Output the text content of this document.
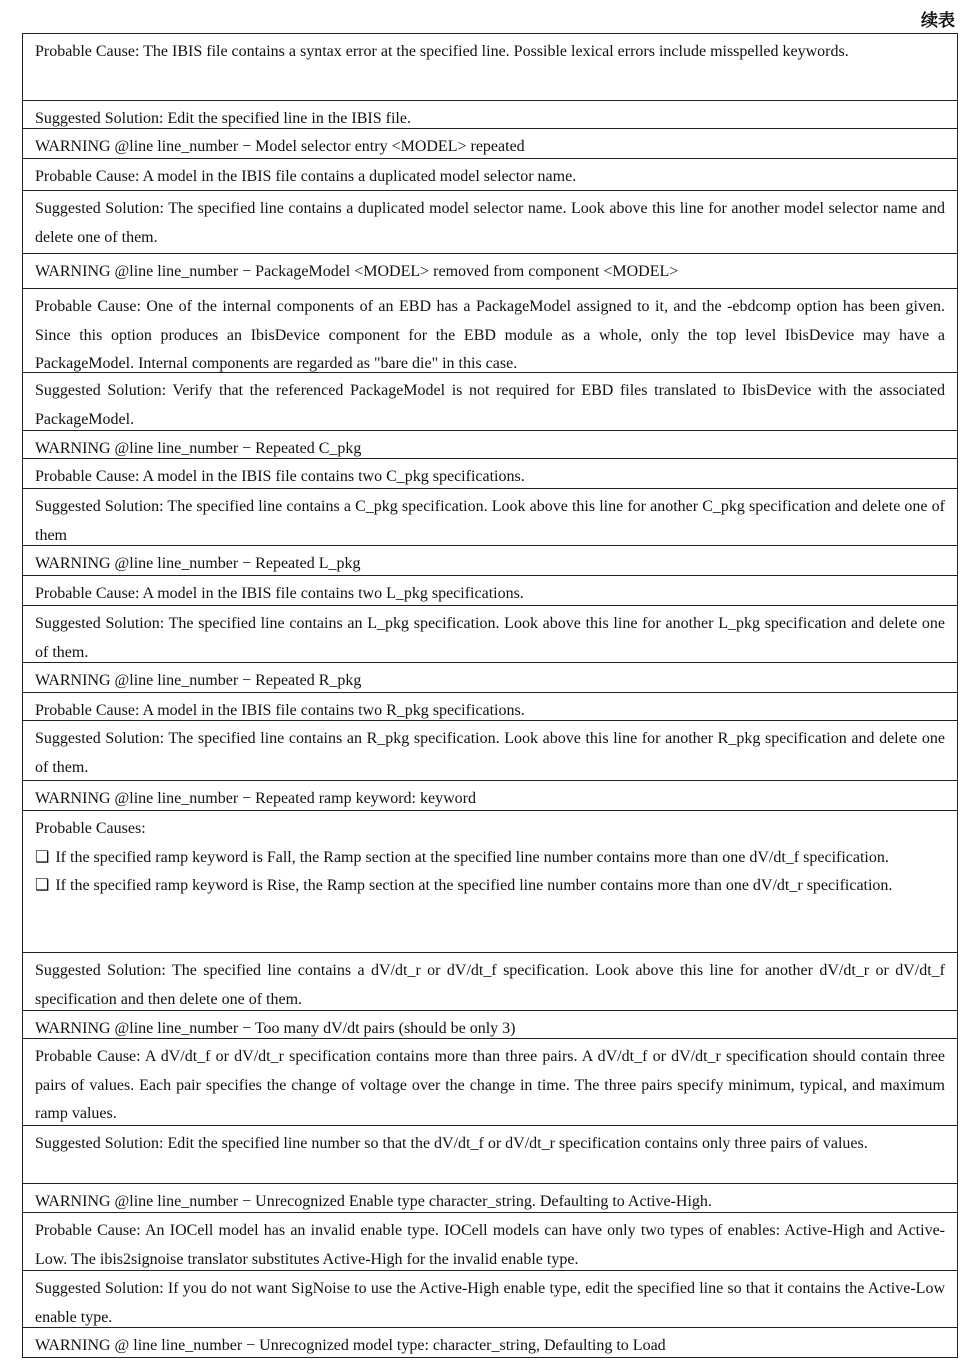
续表

Probable Cause: The IBIS file contains a syntax error at the specified line. Possible lexical errors include misspelled keywords.

Suggested Solution: Edit the specified line in the IBIS file.

WARNING @line line_number − Model selector entry <MODEL> repeated

Probable Cause: A model in the IBIS file contains a duplicated model selector name.

Suggested Solution: The specified line contains a duplicated model selector name. Look above this line for another model selector name and delete one of them.

WARNING @line line_number − PackageModel <MODEL> removed from component <MODEL>

Probable Cause: One of the internal components of an EBD has a PackageModel assigned to it, and the -ebdcomp option has been given. Since this option produces an IbisDevice component for the EBD module as a whole, only the top level IbisDevice may have a PackageModel. Internal components are regarded as "bare die" in this case.

Suggested Solution: Verify that the referenced PackageModel is not required for EBD files translated to IbisDevice with the associated PackageModel.

WARNING @line line_number − Repeated C_pkg

Probable Cause: A model in the IBIS file contains two C_pkg specifications.

Suggested Solution: The specified line contains a C_pkg specification. Look above this line for another C_pkg specification and delete one of them

WARNING @line line_number − Repeated L_pkg

Probable Cause: A model in the IBIS file contains two L_pkg specifications.

Suggested Solution: The specified line contains an L_pkg specification. Look above this line for another L_pkg specification and delete one of them.

WARNING @line line_number − Repeated R_pkg

Probable Cause: A model in the IBIS file contains two R_pkg specifications.

Suggested Solution: The specified line contains an R_pkg specification. Look above this line for another R_pkg specification and delete one of them.

WARNING @line line_number − Repeated ramp keyword: keyword

Probable Causes:

❑ If the specified ramp keyword is Fall, the Ramp section at the specified line number contains more than one dV/dt_f specification.

❑ If the specified ramp keyword is Rise, the Ramp section at the specified line number contains more than one dV/dt_r specification.

Suggested Solution: The specified line contains a dV/dt_r or dV/dt_f specification. Look above this line for another dV/dt_r or dV/dt_f specification and then delete one of them.

WARNING @line line_number − Too many dV/dt pairs (should be only 3)

Probable Cause: A dV/dt_f or dV/dt_r specification contains more than three pairs. A dV/dt_f or dV/dt_r specification should contain three pairs of values. Each pair specifies the change of voltage over the change in time. The three pairs specify minimum, typical, and maximum ramp values.

Suggested Solution: Edit the specified line number so that the dV/dt_f or dV/dt_r specification contains only three pairs of values.

WARNING @line line_number − Unrecognized Enable type character_string. Defaulting to Active-High.

Probable Cause: An IOCell model has an invalid enable type. IOCell models can have only two types of enables: Active-High and Active-Low. The ibis2signoise translator substitutes Active-High for the invalid enable type.

Suggested Solution: If you do not want SigNoise to use the Active-High enable type, edit the specified line so that it contains the Active-Low enable type.

WARNING @ line line_number − Unrecognized model type: character_string, Defaulting to Load
